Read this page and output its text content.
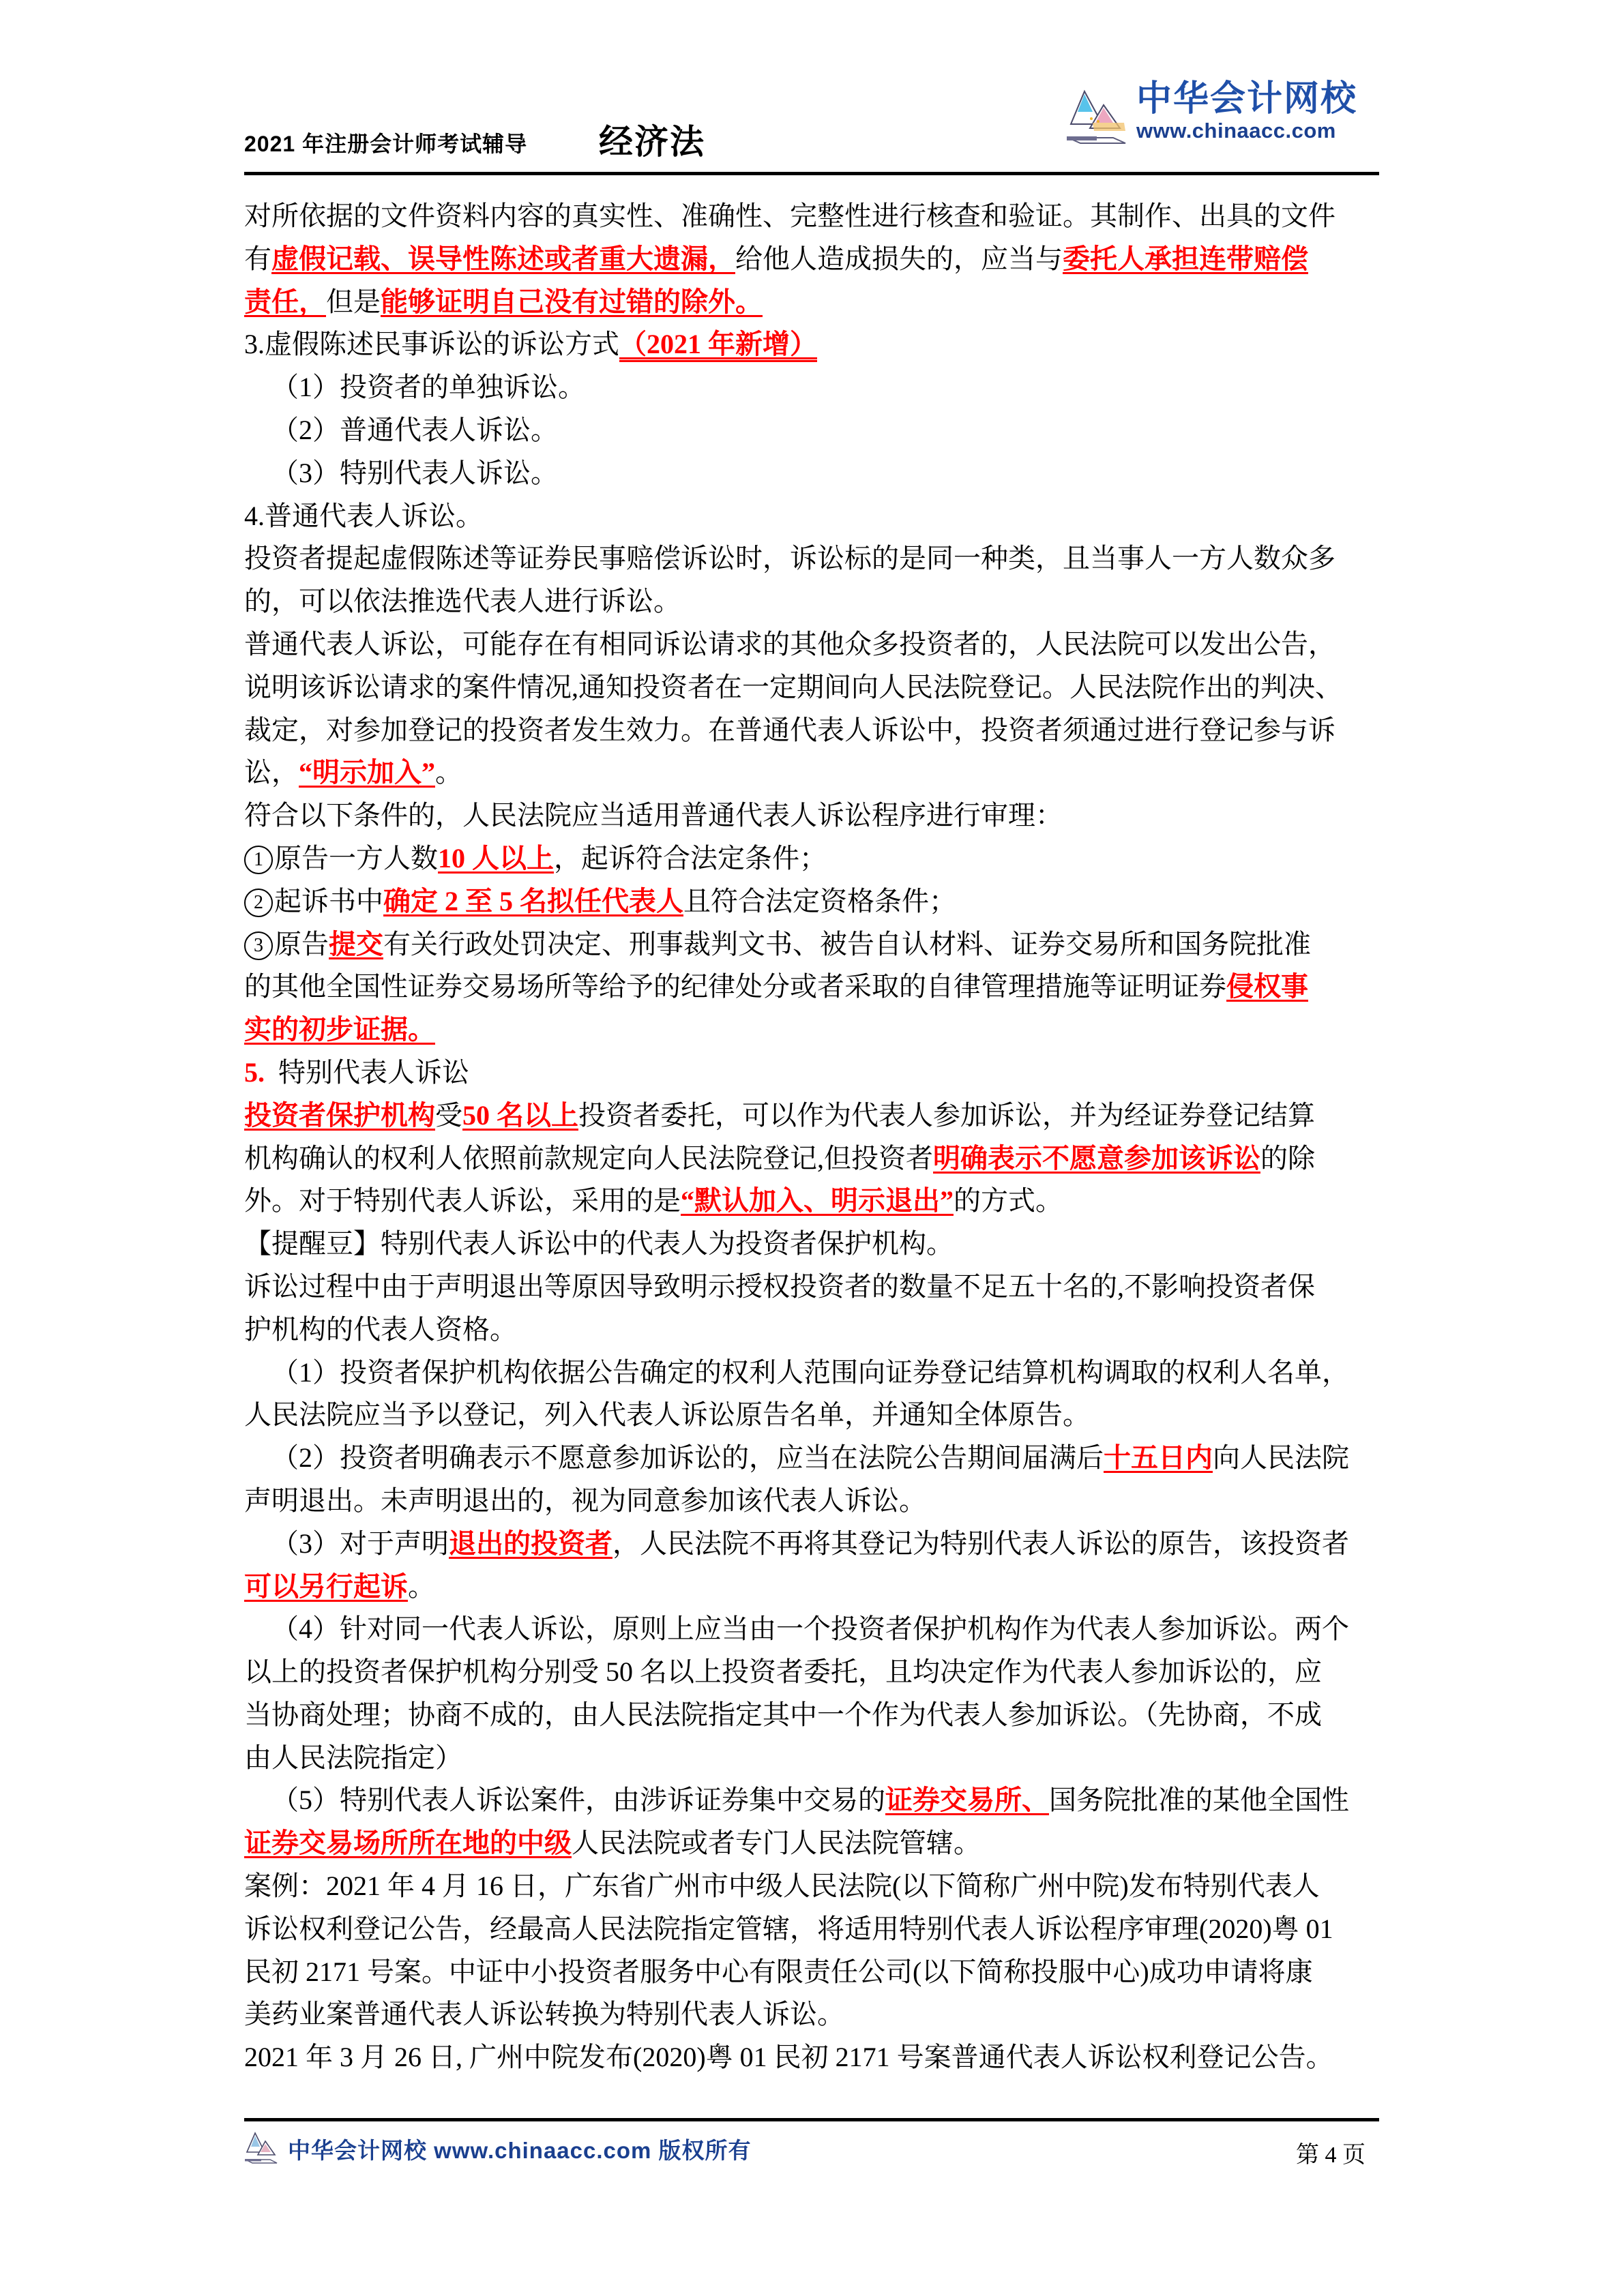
2021 年注册会计师考试辅导 经济法
中华会计网校
www.chinaacc.com
对所依据的文件资料内容的真实性、准确性、完整性进行核查和验证。其制作、出具的文件
有虚假记载、误导性陈述或者重大遗漏，给他人造成损失的，应当与委托人承担连带赔偿
责任，但是能够证明自己没有过错的除外。
3.虚假陈述民事诉讼的诉讼方式（2021 年新增）
（1）投资者的单独诉讼。
（2）普通代表人诉讼。
（3）特别代表人诉讼。
4.普通代表人诉讼。
投资者提起虚假陈述等证券民事赔偿诉讼时，诉讼标的是同一种类，且当事人一方人数众多
的，可以依法推选代表人进行诉讼。
普通代表人诉讼，可能存在有相同诉讼请求的其他众多投资者的，人民法院可以发出公告，
说明该诉讼请求的案件情况,通知投资者在一定期间向人民法院登记。人民法院作出的判决、
裁定，对参加登记的投资者发生效力。在普通代表人诉讼中，投资者须通过进行登记参与诉
讼，“明示加入”。
符合以下条件的，人民法院应当适用普通代表人诉讼程序进行审理：
1 原告一方人数10 人以上，起诉符合法定条件；
2 起诉书中确定 2 至 5 名拟任代表人且符合法定资格条件；
3 原告提交有关行政处罚决定、刑事裁判文书、被告自认材料、证券交易所和国务院批准
的其他全国性证券交易场所等给予的纪律处分或者采取的自律管理措施等证明证券侵权事
实的初步证据。
5. 特别代表人诉讼
投资者保护机构受50 名以上投资者委托，可以作为代表人参加诉讼，并为经证券登记结算
机构确认的权利人依照前款规定向人民法院登记,但投资者明确表示不愿意参加该诉讼的除
外。对于特别代表人诉讼，采用的是“默认加入、明示退出”的方式。
【提醒豆】特别代表人诉讼中的代表人为投资者保护机构。
诉讼过程中由于声明退出等原因导致明示授权投资者的数量不足五十名的,不影响投资者保
护机构的代表人资格。
（1）投资者保护机构依据公告确定的权利人范围向证券登记结算机构调取的权利人名单，
人民法院应当予以登记，列入代表人诉讼原告名单，并通知全体原告。
（2）投资者明确表示不愿意参加诉讼的，应当在法院公告期间届满后十五日内向人民法院
声明退出。未声明退出的，视为同意参加该代表人诉讼。
（3）对于声明退出的投资者，人民法院不再将其登记为特别代表人诉讼的原告，该投资者
可以另行起诉。
（4）针对同一代表人诉讼，原则上应当由一个投资者保护机构作为代表人参加诉讼。两个
以上的投资者保护机构分别受 50 名以上投资者委托，且均决定作为代表人参加诉讼的，应
当协商处理；协商不成的，由人民法院指定其中一个作为代表人参加诉讼。（先协商，不成
由人民法院指定）
（5）特别代表人诉讼案件，由涉诉证券集中交易的证券交易所、国务院批准的某他全国性
证券交易场所所在地的中级人民法院或者专门人民法院管辖。
案例：2021 年 4 月 16 日，广东省广州市中级人民法院(以下简称广州中院)发布特别代表人
诉讼权利登记公告，经最高人民法院指定管辖，将适用特别代表人诉讼程序审理(2020)粤 01
民初 2171 号案。中证中小投资者服务中心有限责任公司(以下简称投服中心)成功申请将康
美药业案普通代表人诉讼转换为特别代表人诉讼。
2021 年 3 月 26 日, 广州中院发布(2020)粤 01 民初 2171 号案普通代表人诉讼权利登记公告。
中华会计网校 www.chinaacc.com 版权所有	第 4 页
